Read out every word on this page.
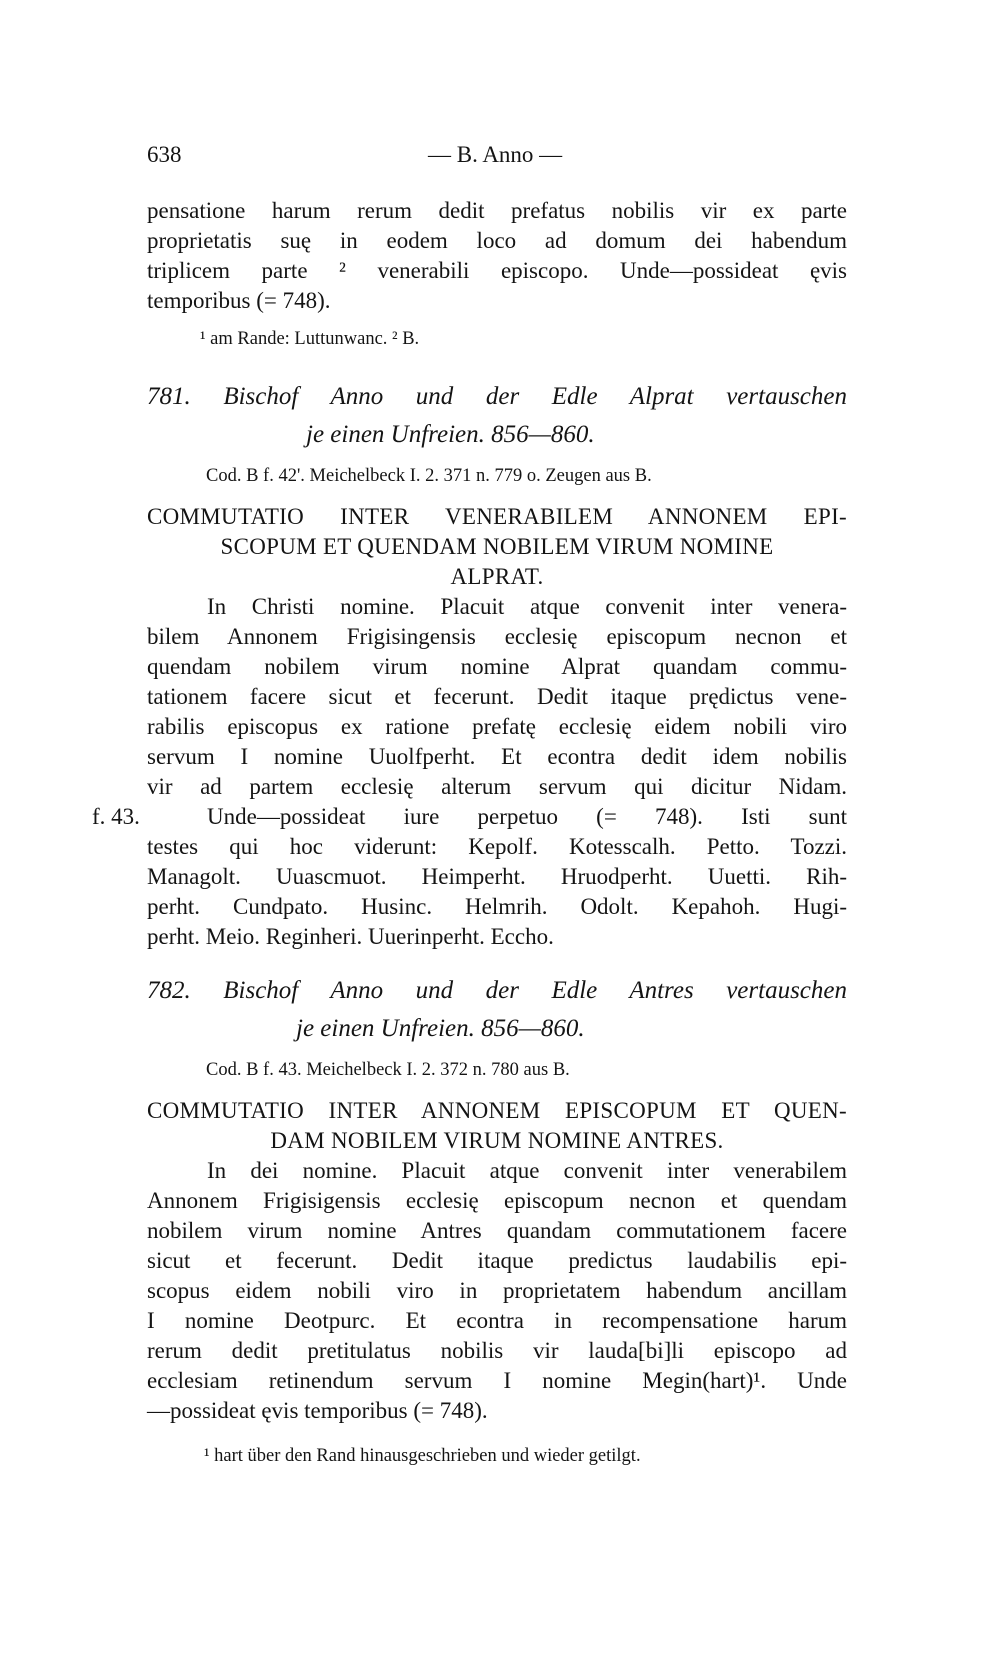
638	— B. Anno —
pensatione harum rerum dedit prefatus nobilis vir ex parte
proprietatis suę in eodem loco ad domum dei habendum
triplicem parte ² venerabili episcopo. Unde—possideat ęvis
temporibus (= 748).
¹ am Rande: Luttunwanc. ² B.
781. Bischof Anno und der Edle Alprat vertauschen
je einen Unfreien. 856—860.
Cod. B f. 42'. Meichelbeck I. 2. 371 n. 779 o. Zeugen aus B.
COMMUTATIO INTER VENERABILEM ANNONEM EPI-
SCOPUM ET QUENDAM NOBILEM VIRUM NOMINE
ALPRAT.
In Christi nomine. Placuit atque convenit inter venera-
bilem Annonem Frigisingensis ecclesię episcopum necnon et
quendam nobilem virum nomine Alprat quandam commu-
tationem facere sicut et fecerunt. Dedit itaque prędictus vene-
rabilis episcopus ex ratione prefatę ecclesię eidem nobili viro
servum I nomine Uuolfperht. Et econtra dedit idem nobilis
vir ad partem ecclesię alterum servum qui dicitur Nidam.
f. 43.	Unde—possideat iure perpetuo (= 748). Isti sunt
testes qui hoc viderunt: Kepolf. Kotesscalh. Petto. Tozzi.
Managolt. Uuascmuot. Heimperht. Hruodperht. Uuetti. Rih-
perht. Cundpato. Husinc. Helmrih. Odolt. Kepahoh. Hugi-
perht. Meio. Reginheri. Uuerinperht. Eccho.
782. Bischof Anno und der Edle Antres vertauschen
je einen Unfreien. 856—860.
Cod. B f. 43. Meichelbeck I. 2. 372 n. 780 aus B.
COMMUTATIO INTER ANNONEM EPISCOPUM ET QUEN-
DAM NOBILEM VIRUM NOMINE ANTRES.
In dei nomine. Placuit atque convenit inter venerabilem
Annonem Frigisigensis ecclesię episcopum necnon et quendam
nobilem virum nomine Antres quandam commutationem facere
sicut et fecerunt. Dedit itaque predictus laudabilis epi-
scopus eidem nobili viro in proprietatem habendum ancillam
I nomine Deotpurc. Et econtra in recompensatione harum
rerum dedit pretitulatus nobilis vir lauda[bi]li episcopo ad
ecclesiam retinendum servum I nomine Megin(hart)¹. Unde
—possideat ęvis temporibus (= 748).
¹ hart über den Rand hinausgeschrieben und wieder getilgt.
